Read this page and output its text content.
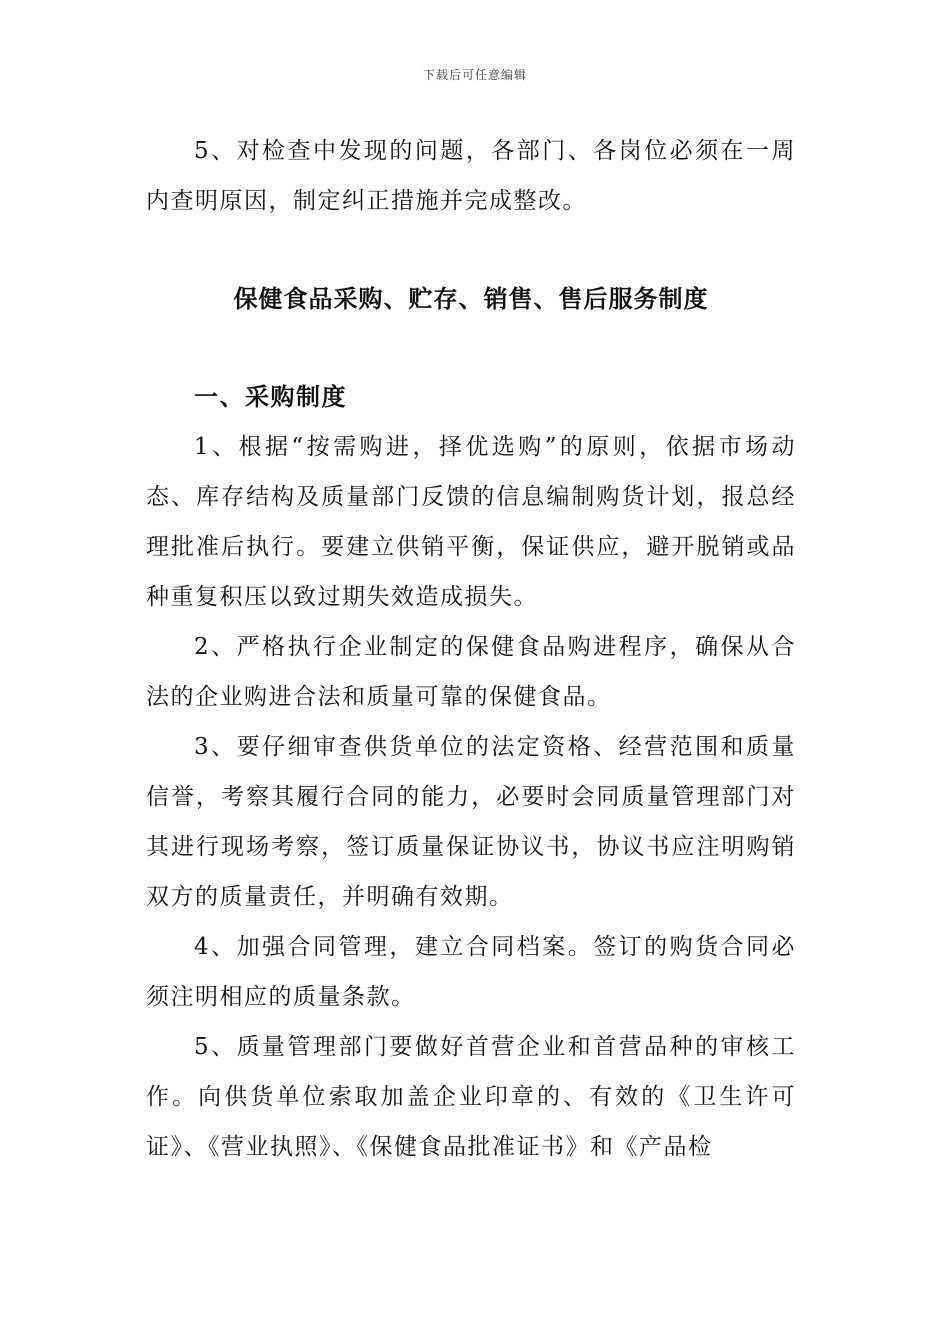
下载后可任意编辑

5、对检查中发现的问题，各部门、各岗位必须在一周内查明原因，制定纠正措施并完成整改。

保健食品采购、贮存、销售、售后服务制度

一、采购制度

1、根据“按需购进，择优选购”的原则，依据市场动态、库存结构及质量部门反馈的信息编制购货计划，报总经理批准后执行。要建立供销平衡，保证供应，避开脱销或品种重复积压以致过期失效造成损失。

2、严格执行企业制定的保健食品购进程序，确保从合法的企业购进合法和质量可靠的保健食品。

3、要仔细审查供货单位的法定资格、经营范围和质量信誉，考察其履行合同的能力，必要时会同质量管理部门对其进行现场考察，签订质量保证协议书，协议书应注明购销双方的质量责任，并明确有效期。

4、加强合同管理，建立合同档案。签订的购货合同必须注明相应的质量条款。

5、质量管理部门要做好首营企业和首营品种的审核工作。向供货单位索取加盖企业印章的、有效的《卫生许可证》、《营业执照》、《保健食品批准证书》和《产品检
